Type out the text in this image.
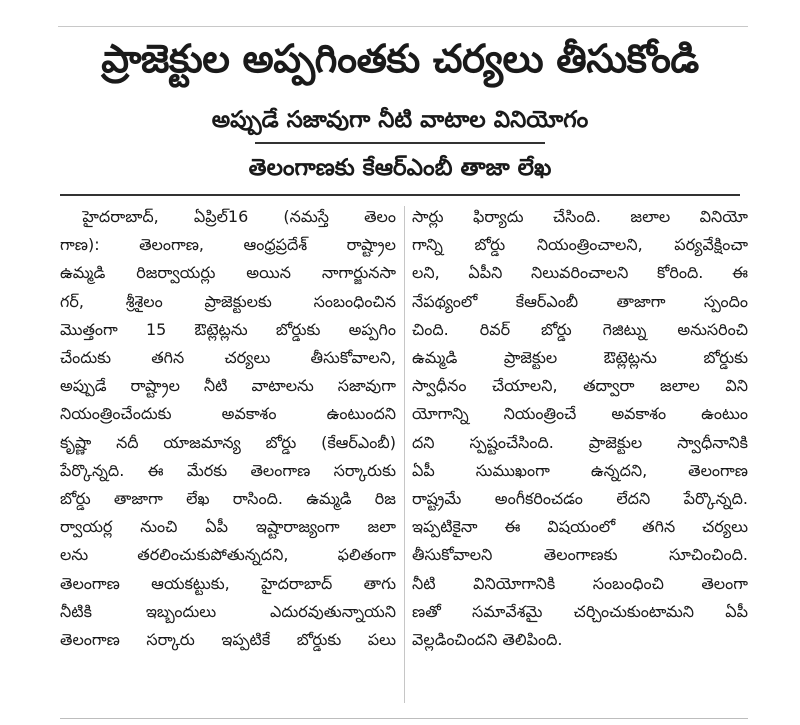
ప్రాజెక్టుల అప్పగింతకు చర్యలు తీసుకోండి
అప్పుడే సజావుగా నీటి వాటాల వినియోగం
తెలంగాణకు కేఆర్ఎంబీ తాజా లేఖ
హైదరాబాద్, ఏప్రిల్16 (నమస్తే తెలం
గాణ): తెలంగాణ, ఆంధ్రప్రదేశ్ రాష్ట్రాల
ఉమ్మడి రిజర్వాయర్లు అయిన నాగార్జునసా
గర్, శ్రీశైలం ప్రాజెక్టులకు సంబంధించిన
మొత్తంగా 15 ఔట్లెట్లను బోర్డుకు అప్పగిం
చేందుకు తగిన చర్యలు తీసుకోవాలని,
అప్పుడే రాష్ట్రాల నీటి వాటాలను సజావుగా
నియంత్రించేందుకు అవకాశం ఉంటుందని
కృష్ణా నదీ యాజమాన్య బోర్డు (కేఆర్ఎంబీ)
పేర్కొన్నది. ఈ మేరకు తెలంగాణ సర్కారుకు
బోర్డు తాజాగా లేఖ రాసింది. ఉమ్మడి రిజ
ర్వాయర్ల నుంచి ఏపీ ఇష్టారాజ్యంగా జలా
లను తరలించుకుపోతున్నదని, ఫలితంగా
తెలంగాణ ఆయకట్టుకు, హైదరాబాద్ తాగు
నీటికి ఇబ్బందులు ఎదురవుతున్నాయని
తెలంగాణ సర్కారు ఇప్పటికే బోర్డుకు పలు
సార్లు ఫిర్యాదు చేసింది. జలాల వినియో
గాన్ని బోర్డు నియంత్రించాలని, పర్యవేక్షించా
లని, ఏపీని నిలువరించాలని కోరింది. ఈ
నేపథ్యంలో కేఆర్ఎంబీ తాజాగా స్పందిం
చింది. రివర్ బోర్డు గెజిట్ను అనుసరించి
ఉమ్మడి ప్రాజెక్టుల ఔట్లెట్లను బోర్డుకు
స్వాధీనం చేయాలని, తద్వారా జలాల విని
యోగాన్ని నియంత్రించే అవకాశం ఉంటుం
దని స్పష్టంచేసింది. ప్రాజెక్టుల స్వాధీనానికి
ఏపీ సుముఖంగా ఉన్నదని, తెలంగాణ
రాష్ట్రమే అంగీకరించడం లేదని పేర్కొన్నది.
ఇప్పటికైనా ఈ విషయంలో తగిన చర్యలు
తీసుకోవాలని తెలంగాణకు సూచించింది.
నీటి వినియోగానికి సంబంధించి తెలంగా
ణతో సమావేశమై చర్చించుకుంటామని ఏపీ
వెల్లడించిందని తెలిపింది.
